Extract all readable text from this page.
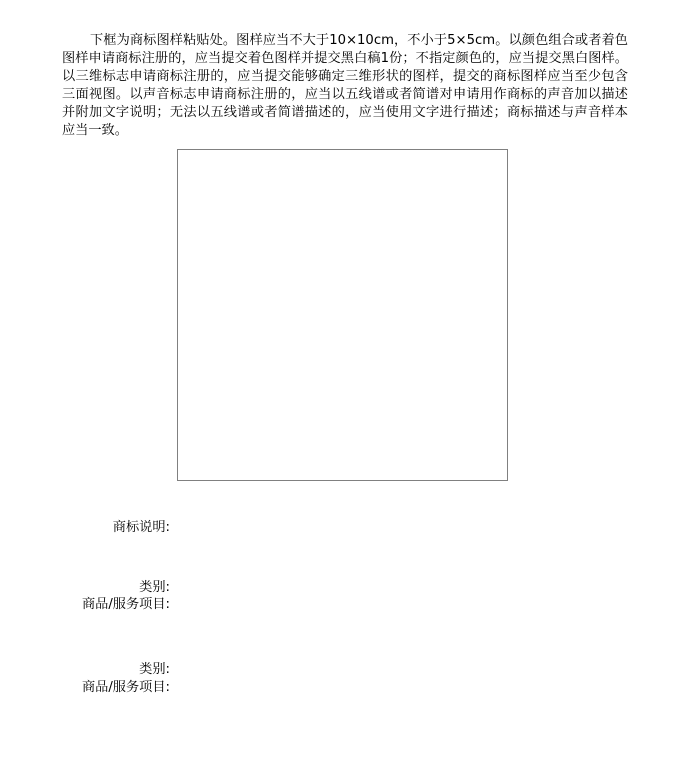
下框为商标图样粘贴处。图样应当不大于10×10cm，不小于5×5cm。以颜色组合或者着色图样申请商标注册的，应当提交着色图样并提交黑白稿1份；不指定颜色的，应当提交黑白图样。以三维标志申请商标注册的，应当提交能够确定三维形状的图样，提交的商标图样应当至少包含三面视图。以声音标志申请商标注册的，应当以五线谱或者简谱对申请用作商标的声音加以描述并附加文字说明；无法以五线谱或者简谱描述的，应当使用文字进行描述；商标描述与声音样本应当一致。

商标说明:
类别:
商品/服务项目:
类别:
商品/服务项目:
